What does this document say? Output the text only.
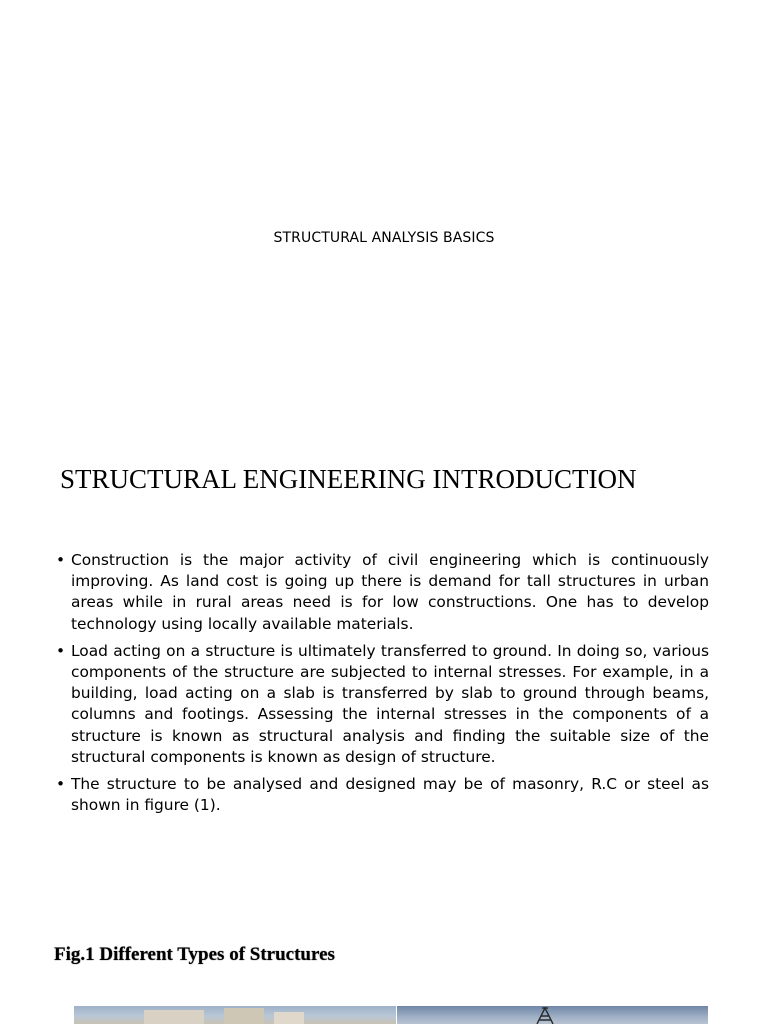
STRUCTURAL ANALYSIS BASICS
STRUCTURAL ENGINEERING INTRODUCTION
• Construction is the major activity of civil engineering which is continuously improving. As land cost is going up there is demand for tall structures in urban areas while in rural areas need is for low constructions. One has to develop technology using locally available materials.
• Load acting on a structure is ultimately transferred to ground. In doing so, various components of the structure are subjected to internal stresses. For example, in a building, load acting on a slab is transferred by slab to ground through beams, columns and footings. Assessing the internal stresses in the components of a structure is known as structural analysis and finding the suitable size of the structural components is known as design of structure.
• The structure to be analysed and designed may be of masonry, R.C or steel as shown in figure (1).
Fig.1 Different Types of Structures
